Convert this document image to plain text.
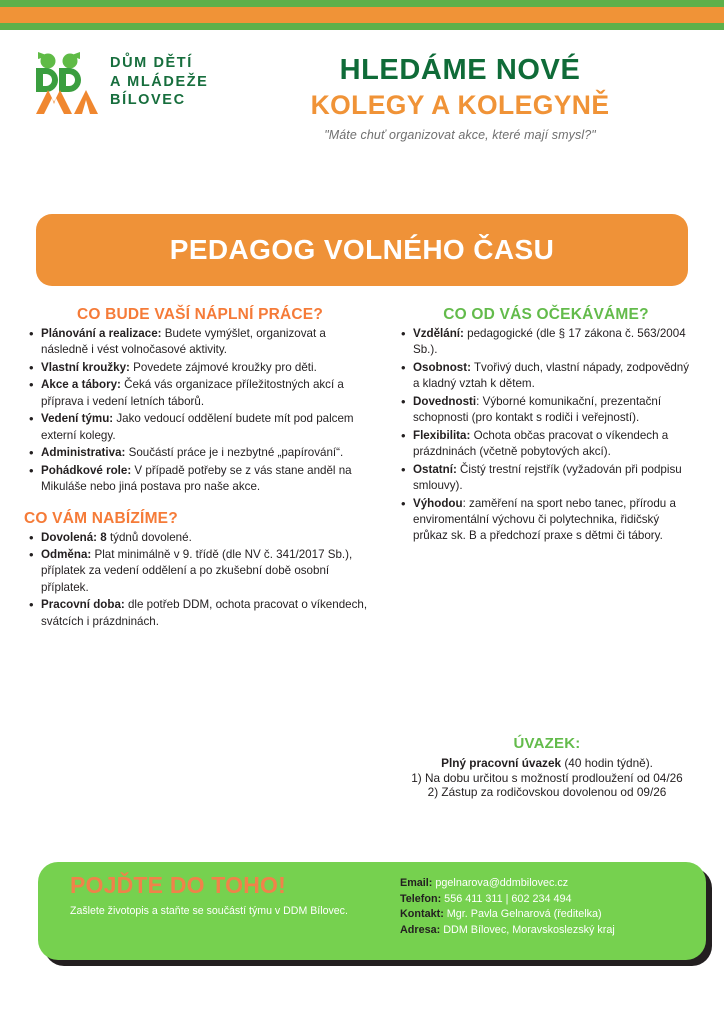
DŮM DĚTÍ
A MLÁDEŽE
BÍLOVEC

HLEDÁME NOVÉ

KOLEGY A KOLEGYNĚ

"Máte chuť organizovat akce, které mají smysl?"

PEDAGOG VOLNÉHO ČASU
CO BUDE VAŠÍ NÁPLNÍ PRÁCE?
• Plánování a realizace: Budete vymýšlet, organizovat a následně i vést volnočasové aktivity.
• Vlastní kroužky: Povedete zájmové kroužky pro děti.
• Akce a tábory: Čeká vás organizace příležitostných akcí a příprava i vedení letních táborů.
• Vedení týmu: Jako vedoucí oddělení budete mít pod palcem externí kolegy.
• Administrativa: Součástí práce je i nezbytné „papírování“.
• Pohádkové role: V případě potřeby se z vás stane anděl na Mikuláše nebo jiná postava pro naše akce.
CO VÁM NABÍZÍME?
• Dovolená: 8 týdnů dovolené.
• Odměna: Plat minimálně v 9. třídě (dle NV č. 341/2017 Sb.), příplatek za vedení oddělení a po zkušební době osobní příplatek.
• Pracovní doba: dle potřeb DDM, ochota pracovat o víkendech, svátcích i prázdninách.
CO OD VÁS OČEKÁVÁME?
• Vzdělání: pedagogické (dle § 17 zákona č. 563/2004 Sb.).
• Osobnost: Tvořivý duch, vlastní nápady, zodpovědný a kladný vztah k dětem.
• Dovednosti: Výborné komunikační, prezentační schopnosti (pro kontakt s rodiči i veřejností).
• Flexibilita: Ochota občas pracovat o víkendech a prázdninách (včetně pobytových akcí).
• Ostatní: Čistý trestní rejstřík (vyžadován při podpisu smlouvy).
• Výhodou: zaměření na sport nebo tanec, přírodu a enviromentální výchovu či polytechnika, řidičský průkaz sk. B a předchozí praxe s dětmi či tábory.

ÚVAZEK:

Plný pracovní úvazek (40 hodin týdně).

1) Na dobu určitou s možností prodloužení od 04/26

2) Zástup za rodičovskou dovolenou od 09/26

POJĎTE DO TOHO!

Zašlete životopis a staňte se součástí týmu v DDM Bílovec.

Email: pgelnarova@ddmbilovec.cz
Telefon: 556 411 311 | 602 234 494
Kontakt: Mgr. Pavla Gelnarová (ředitelka)
Adresa: DDM Bílovec, Moravskoslezský kraj
